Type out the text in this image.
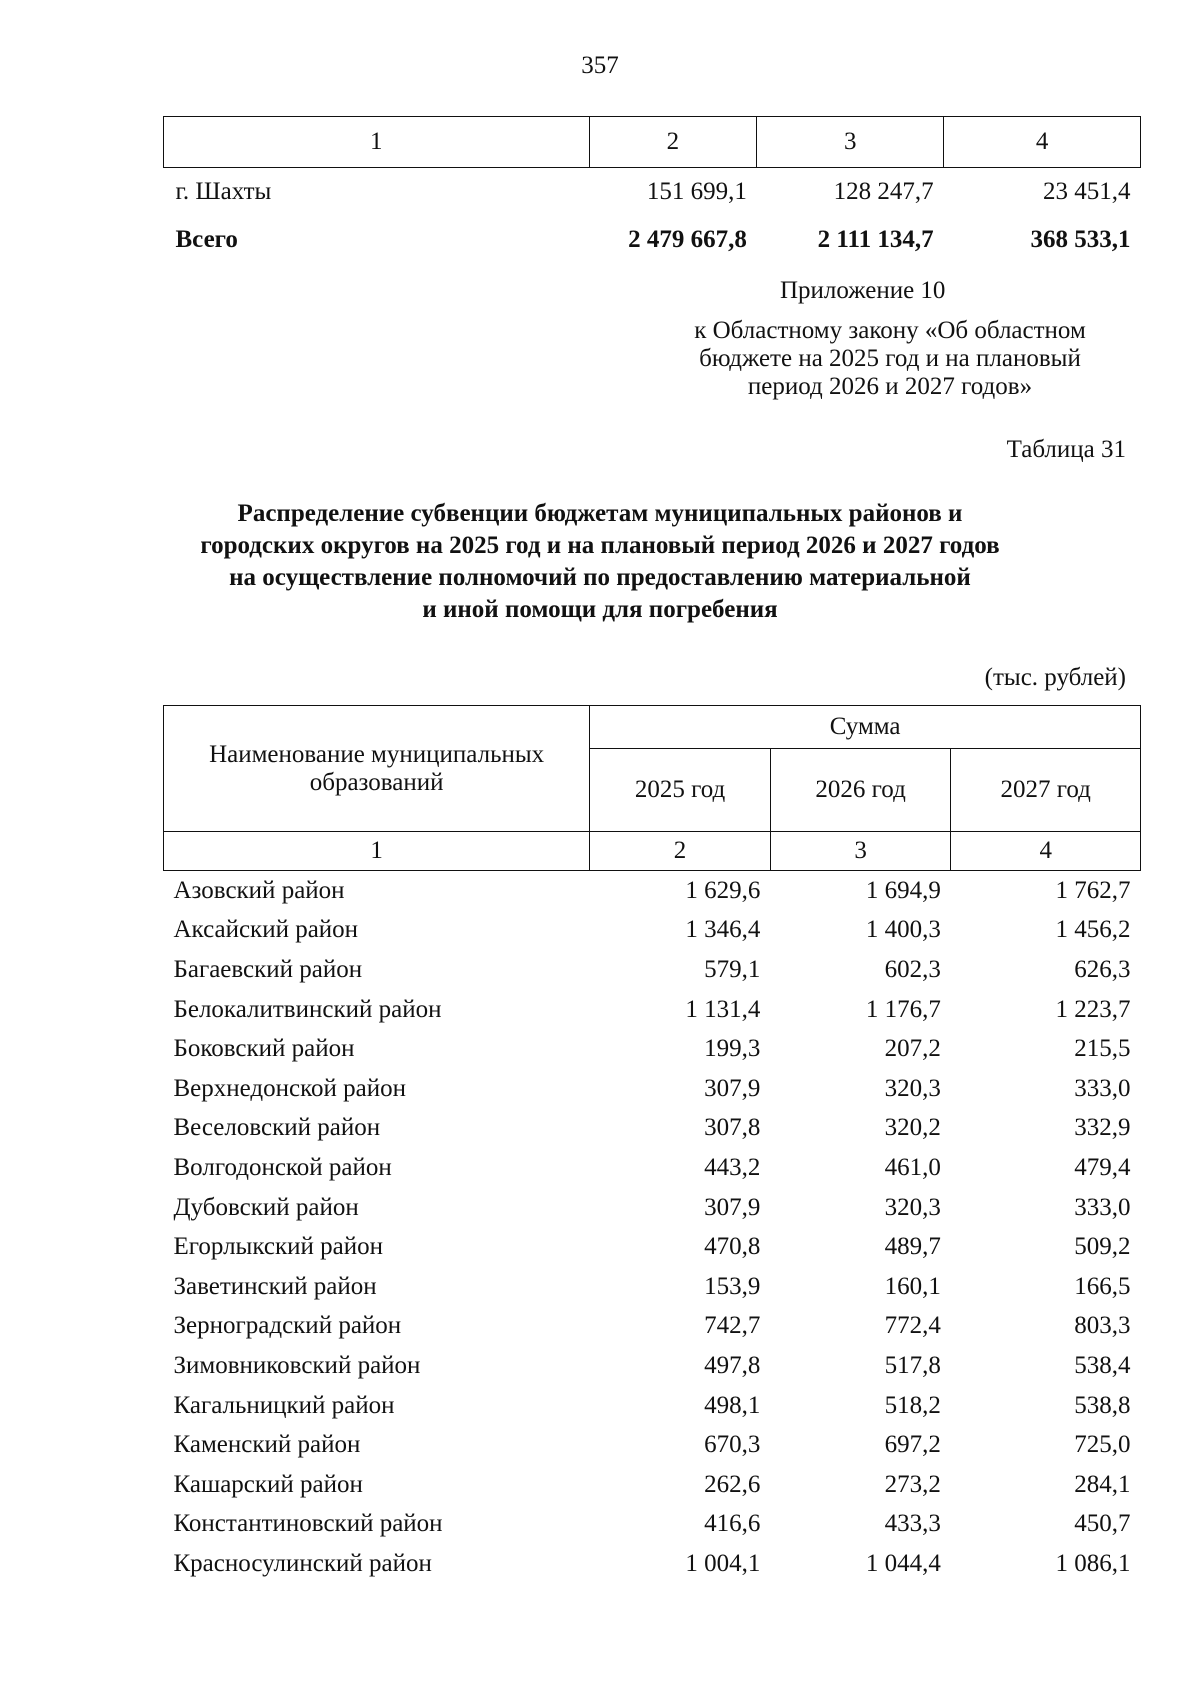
357
1	2	3	4
г. Шахты	151 699,1	128 247,7	23 451,4
Всего	2 479 667,8	2 111 134,7	368 533,1
Приложение 10
к Областному закону «Об областном
бюджете на 2025 год и на плановый
период 2026 и 2027 годов»
Таблица 31
Распределение субвенции бюджетам муниципальных районов и
городских округов на 2025 год и на плановый период 2026 и 2027 годов
на осуществление полномочий по предоставлению материальной
и иной помощи для погребения
(тыс. рублей)
Наименование муниципальных
образований	Сумма		
	2025 год	2026 год	2027 год
1	2	3	4
Азовский район	1 629,6	1 694,9	1 762,7
Аксайский район	1 346,4	1 400,3	1 456,2
Багаевский район	579,1	602,3	626,3
Белокалитвинский район	1 131,4	1 176,7	1 223,7
Боковский район	199,3	207,2	215,5
Верхнедонской район	307,9	320,3	333,0
Веселовский район	307,8	320,2	332,9
Волгодонской район	443,2	461,0	479,4
Дубовский район	307,9	320,3	333,0
Егорлыкский район	470,8	489,7	509,2
Заветинский район	153,9	160,1	166,5
Зерноградский район	742,7	772,4	803,3
Зимовниковский район	497,8	517,8	538,4
Кагальницкий район	498,1	518,2	538,8
Каменский район	670,3	697,2	725,0
Кашарский район	262,6	273,2	284,1
Константиновский район	416,6	433,3	450,7
Красносулинский район	1 004,1	1 044,4	1 086,1
